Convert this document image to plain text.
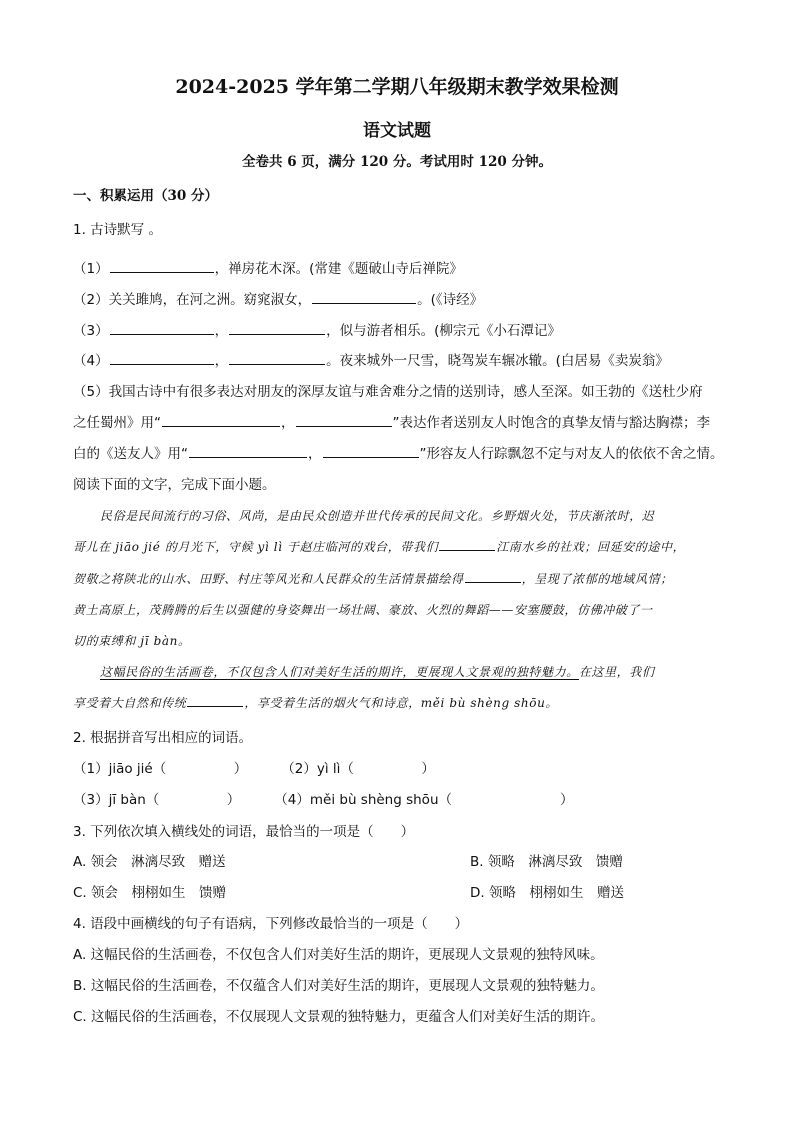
2024-2025 学年第二学期八年级期末教学效果检测
语文试题
全卷共 6 页，满分 120 分。考试用时 120 分钟。
一、积累运用（30 分）
1. 古诗默写 。
（1）	，禅房花木深。(常建《题破山寺后禅院》
（2）关关雎鸠，在河之洲。窈窕淑女，	。(《诗经》
（3）	，	，似与游者相乐。(柳宗元《小石潭记》
（4）	，	。夜来城外一尺雪，晓驾炭车辗冰辙。(白居易《卖炭翁》
（5）我国古诗中有很多表达对朋友的深厚友谊与难舍难分之情的送别诗，感人至深。如王勃的《送杜少府
之任蜀州》用“	，	”表达作者送别友人时饱含的真挚友情与豁达胸襟；李
白的《送友人》用“	，	”形容友人行踪飘忽不定与对友人的依依不舍之情。
阅读下面的文字，完成下面小题。
民俗是民间流行的习俗、风尚，是由民众创造并世代传承的民间文化。乡野烟火处，节庆渐浓时，迟
哥儿在 jiāo jié 的月光下，守候 yì lì 于赵庄临河的戏台，带我们	江南水乡的社戏；回延安的途中，
贺敬之将陕北的山水、田野、村庄等风光和人民群众的生活情景描绘得	，呈现了浓郁的地域风情；
黄土高原上，茂腾腾的后生以强健的身姿舞出一场壮阔、豪放、火烈的舞蹈——安塞腰鼓，仿佛冲破了一
切的束缚和 jī bàn。
这幅民俗的生活画卷，不仅包含人们对美好生活的期许，更展现人文景观的独特魅力。在这里，我们
享受着大自然和传统	，享受着生活的烟火气和诗意，měi bù shèng shōu。
2. 根据拼音写出相应的词语。
（1）jiāo jié（　　　　　）	（2）yì lì（　　　　　）
（3）jī bàn（　　　　　）	（4）měi bù shèng shōu（　　　　　　　　）
3. 下列依次填入横线处的词语，最恰当的一项是（　　）
A. 领会　淋漓尽致　赠送	B. 领略　淋漓尽致　馈赠
C. 领会　栩栩如生　馈赠	D. 领略　栩栩如生　赠送
4. 语段中画横线的句子有语病，下列修改最恰当的一项是（　　）
A. 这幅民俗的生活画卷，不仅包含人们对美好生活的期许，更展现人文景观的独特风味。
B. 这幅民俗的生活画卷，不仅蕴含人们对美好生活的期许，更展现人文景观的独特魅力。
C. 这幅民俗的生活画卷，不仅展现人文景观的独特魅力，更蕴含人们对美好生活的期许。
